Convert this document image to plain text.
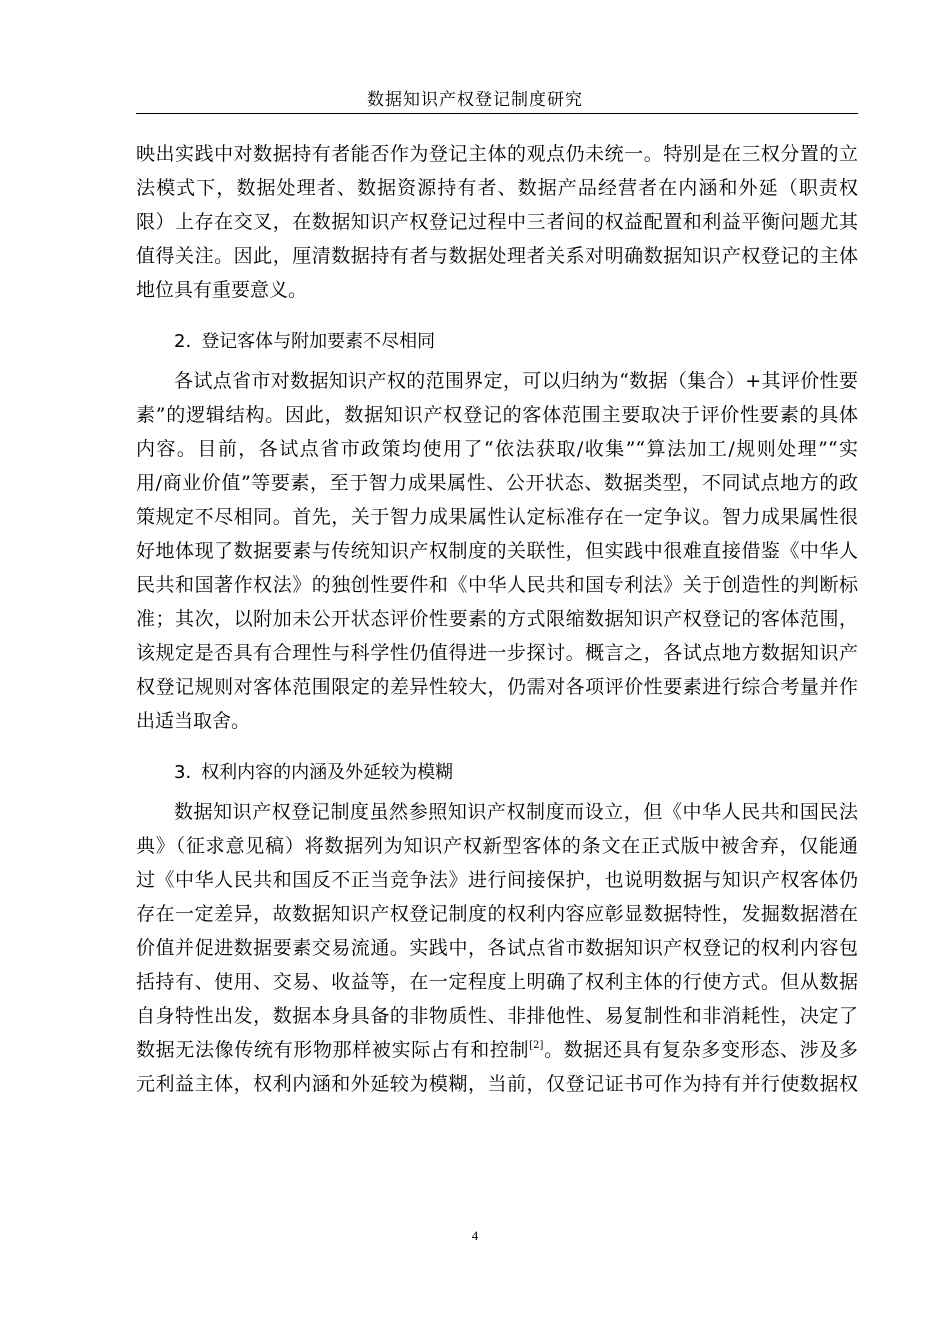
数据知识产权登记制度研究
映出实践中对数据持有者能否作为登记主体的观点仍未统一。特别是在三权分置的立
法模式下，数据处理者、数据资源持有者、数据产品经营者在内涵和外延（职责权
限）上存在交叉，在数据知识产权登记过程中三者间的权益配置和利益平衡问题尤其
值得关注。因此，厘清数据持有者与数据处理者关系对明确数据知识产权登记的主体
地位具有重要意义。
2. 登记客体与附加要素不尽相同
各试点省市对数据知识产权的范围界定，可以归纳为“数据（集合）+其评价性要
素”的逻辑结构。因此，数据知识产权登记的客体范围主要取决于评价性要素的具体
内容。目前，各试点省市政策均使用了“依法获取/收集”“算法加工/规则处理”“实
用/商业价值”等要素，至于智力成果属性、公开状态、数据类型，不同试点地方的政
策规定不尽相同。首先，关于智力成果属性认定标准存在一定争议。智力成果属性很
好地体现了数据要素与传统知识产权制度的关联性，但实践中很难直接借鉴《中华人
民共和国著作权法》的独创性要件和《中华人民共和国专利法》关于创造性的判断标
准；其次，以附加未公开状态评价性要素的方式限缩数据知识产权登记的客体范围，
该规定是否具有合理性与科学性仍值得进一步探讨。概言之，各试点地方数据知识产
权登记规则对客体范围限定的差异性较大，仍需对各项评价性要素进行综合考量并作
出适当取舍。
3. 权利内容的内涵及外延较为模糊
数据知识产权登记制度虽然参照知识产权制度而设立，但《中华人民共和国民法
典》（征求意见稿）将数据列为知识产权新型客体的条文在正式版中被舍弃，仅能通
过《中华人民共和国反不正当竞争法》进行间接保护，也说明数据与知识产权客体仍
存在一定差异，故数据知识产权登记制度的权利内容应彰显数据特性，发掘数据潜在
价值并促进数据要素交易流通。实践中，各试点省市数据知识产权登记的权利内容包
括持有、使用、交易、收益等，在一定程度上明确了权利主体的行使方式。但从数据
自身特性出发，数据本身具备的非物质性、非排他性、易复制性和非消耗性，决定了
数据无法像传统有形物那样被实际占有和控制[2]。数据还具有复杂多变形态、涉及多
元利益主体，权利内涵和外延较为模糊，当前，仅登记证书可作为持有并行使数据权
4
